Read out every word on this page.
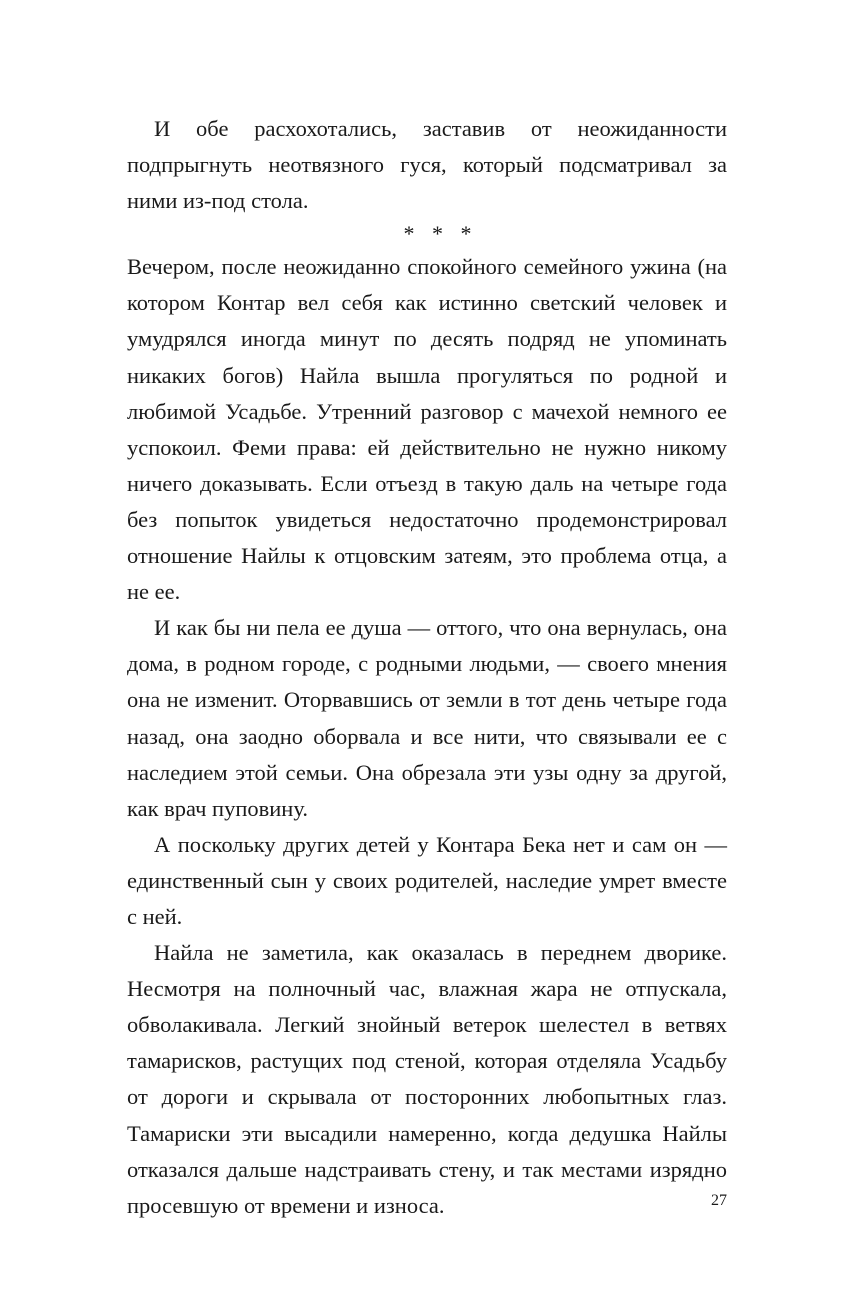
И обе расхохотались, заставив от неожиданности подпрыгнуть неотвязного гуся, который подсматривал за ними из-под стола.

* * *

Вечером, после неожиданно спокойного семейного ужина (на котором Контар вел себя как истинно светский человек и умудрялся иногда минут по десять подряд не упоминать никаких богов) Найла вышла прогуляться по родной и любимой Усадьбе. Утренний разговор с мачехой немного ее успокоил. Феми права: ей действительно не нужно никому ничего доказывать. Если отъезд в такую даль на четыре года без попыток увидеться недостаточно продемонстрировал отношение Найлы к отцовским затеям, это проблема отца, а не ее.

И как бы ни пела ее душа — оттого, что она вернулась, она дома, в родном городе, с родными людьми, — своего мнения она не изменит. Оторвавшись от земли в тот день четыре года назад, она заодно оборвала и все нити, что связывали ее с наследием этой семьи. Она обрезала эти узы одну за другой, как врач пуповину.

А поскольку других детей у Контара Бека нет и сам он — единственный сын у своих родителей, наследие умрет вместе с ней.

Найла не заметила, как оказалась в переднем дворике. Несмотря на полночный час, влажная жара не отпускала, обволакивала. Легкий знойный ветерок шелестел в ветвях тамарисков, растущих под стеной, которая отделяла Усадьбу от дороги и скрывала от посторонних любопытных глаз. Тамариски эти высадили намеренно, когда дедушка Найлы отказался дальше надстраивать стену, и так местами изрядно просевшую от времени и износа.	27
